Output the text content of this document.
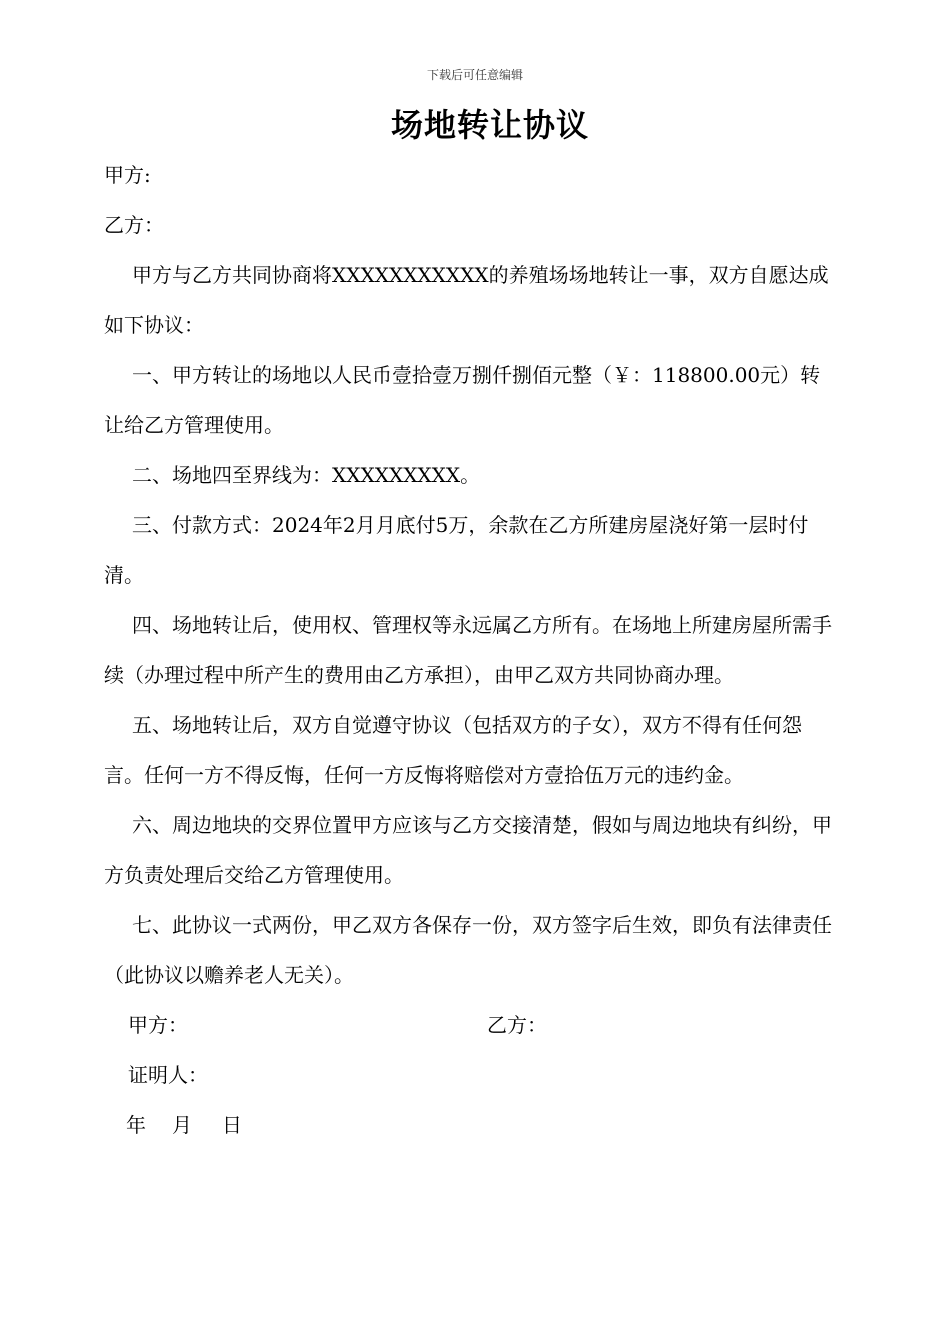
下载后可任意编辑
场地转让协议

甲方:

乙方：

甲方与乙方共同协商将XXXXXXXXXXX的养殖场场地转让一事，双方自愿达成如下协议：

一、甲方转让的场地以人民币壹拾壹万捌仟捌佰元整（￥：118800.00元）转让给乙方管理使用。

二、场地四至界线为：XXXXXXXXX。

三、付款方式：2024年2月月底付5万，余款在乙方所建房屋浇好第一层时付清。

四、场地转让后，使用权、管理权等永远属乙方所有。在场地上所建房屋所需手续（办理过程中所产生的费用由乙方承担），由甲乙双方共同协商办理。

五、场地转让后，双方自觉遵守协议（包括双方的子女），双方不得有任何怨言。任何一方不得反悔，任何一方反悔将赔偿对方壹拾伍万元的违约金。

六、周边地块的交界位置甲方应该与乙方交接清楚，假如与周边地块有纠纷，甲方负责处理后交给乙方管理使用。

七、此协议一式两份，甲乙双方各保存一份，双方签字后生效，即负有法律责任（此协议以赡养老人无关）。

甲方：	乙方：

证明人：

年 月 日
